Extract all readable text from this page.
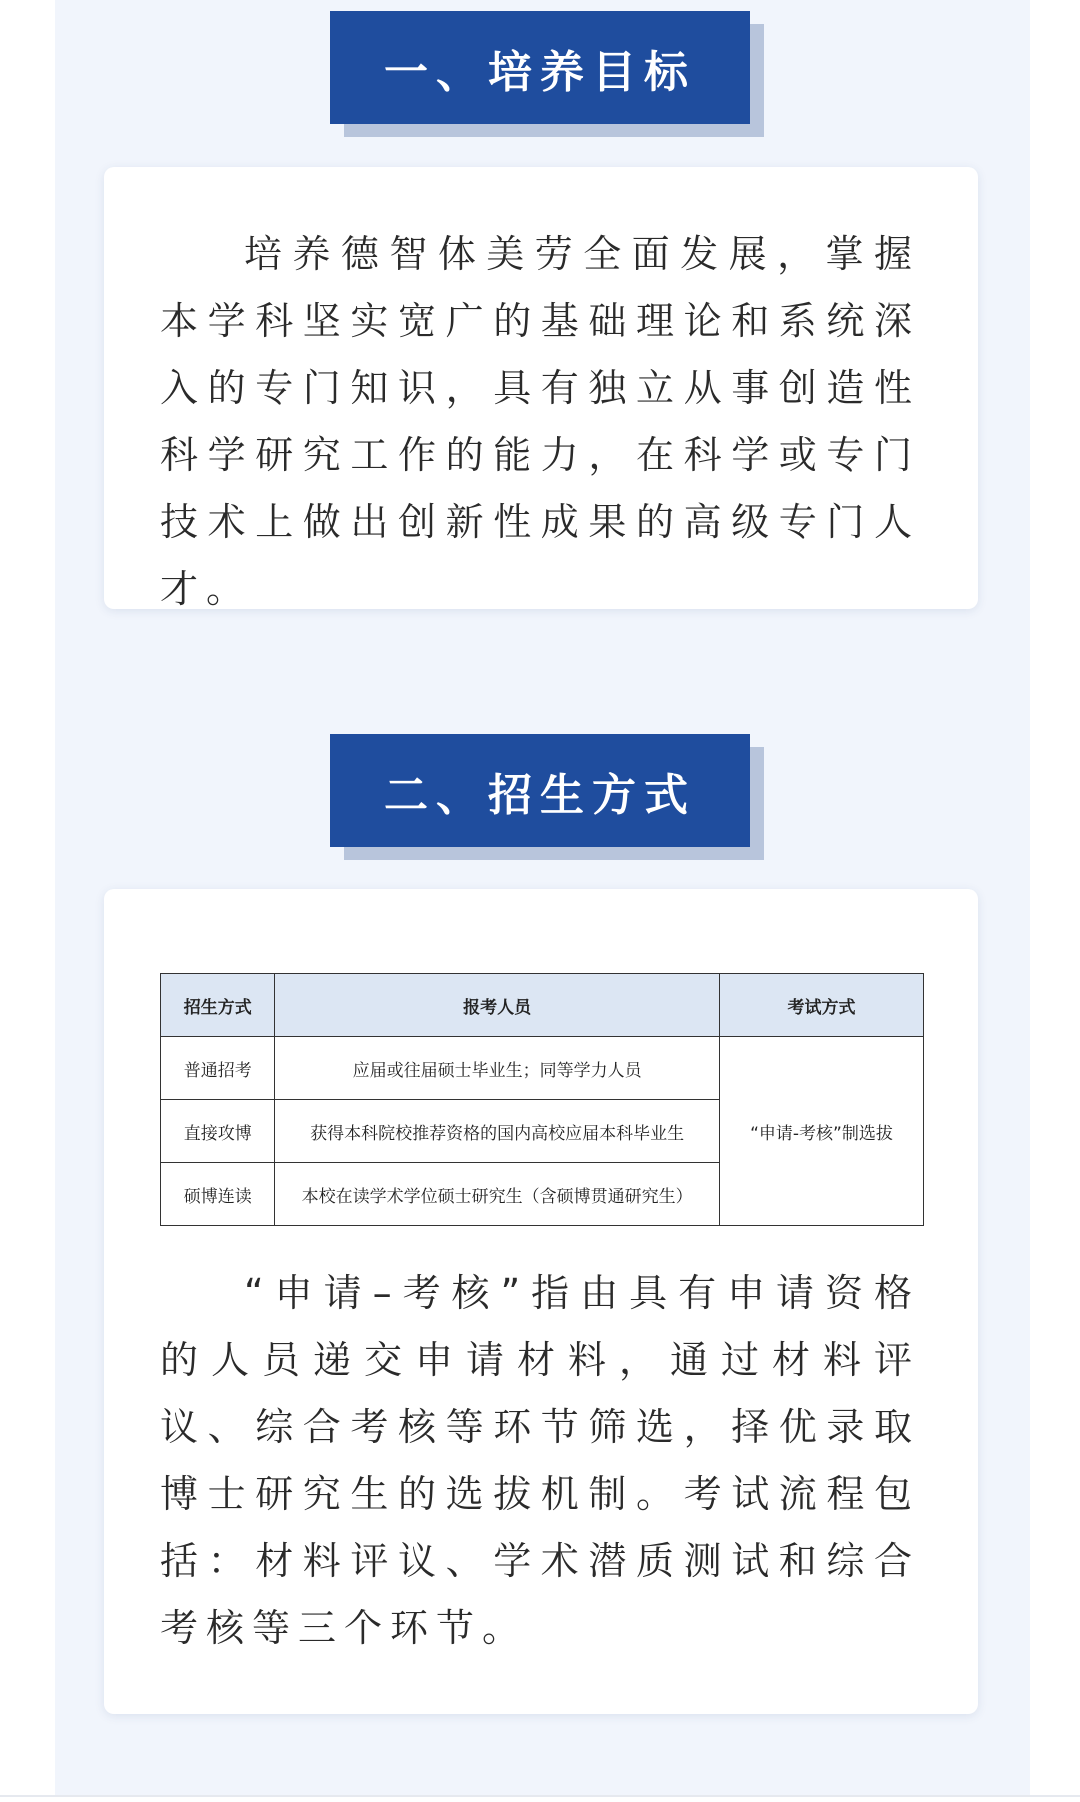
一、培养目标

培养德智体美劳全面发展，掌握本学科坚实宽广的基础理论和系统深入的专门知识，具有独立从事创造性科学研究工作的能力，在科学或专门技术上做出创新性成果的高级专门人才。

二、招生方式
招生方式	报考人员	考试方式
普通招考	应届或往届硕士毕业生；同等学力人员	“申请-考核”制选拔
直接攻博	获得本科院校推荐资格的国内高校应届本科毕业生	
硕博连读	本校在读学术学位硕士研究生（含硕博贯通研究生）	

“申请–考核”指由具有申请资格的人员递交申请材料，通过材料评议、综合考核等环节筛选，择优录取博士研究生的选拔机制。考试流程包括：材料评议、学术潜质测试和综合考核等三个环节。
